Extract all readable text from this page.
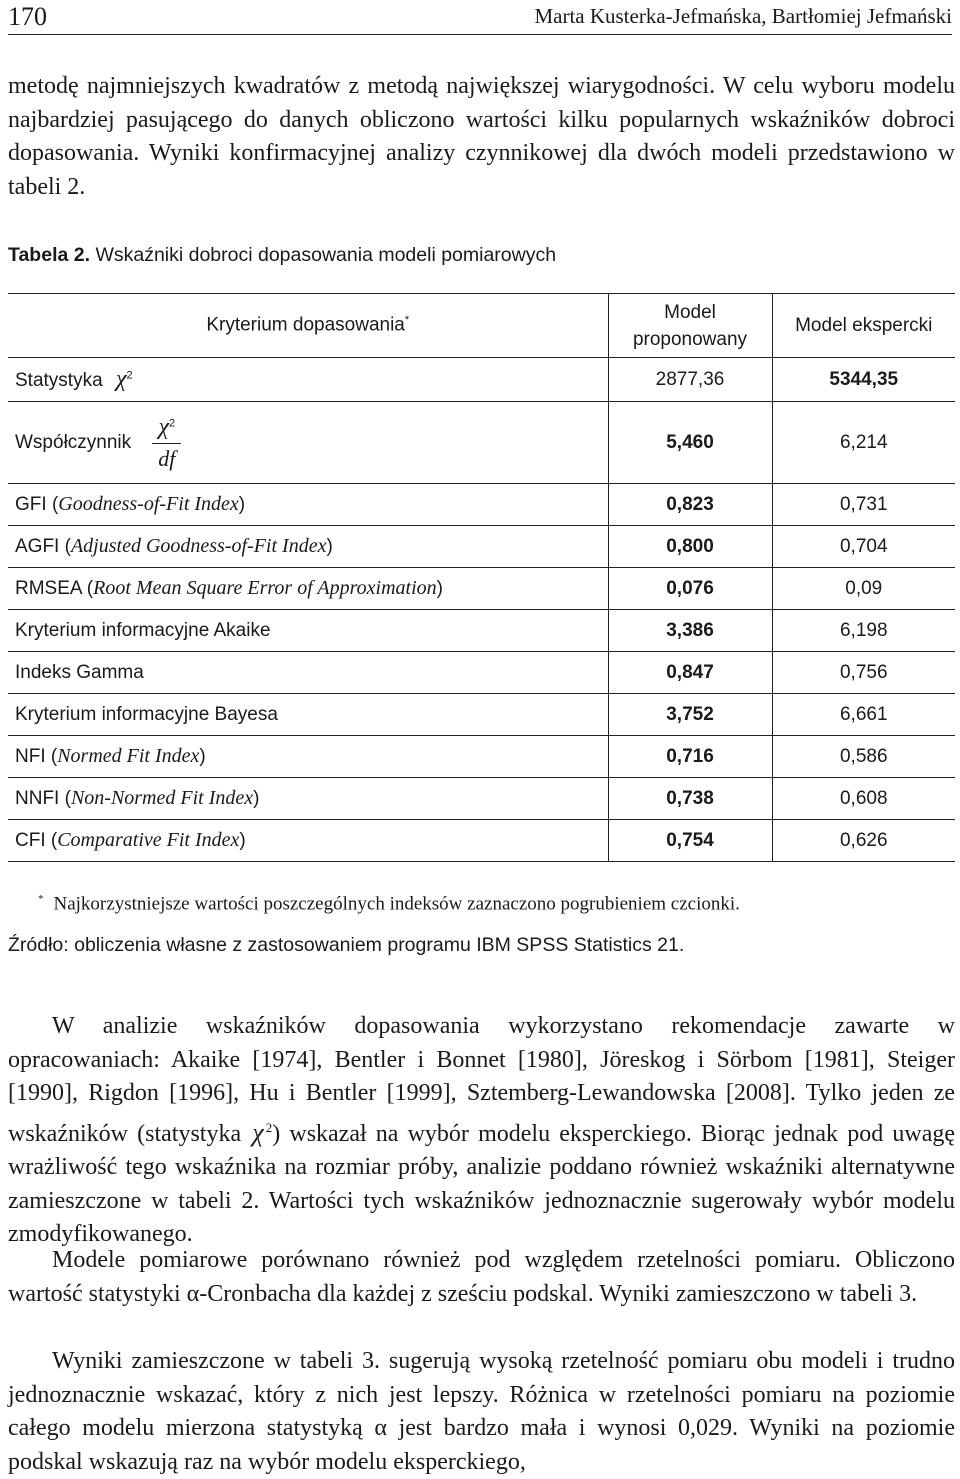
170	Marta Kusterka-Jefmańska, Bartłomiej Jefmański

metodę najmniejszych kwadratów z metodą największej wiarygodności. W celu wyboru modelu najbardziej pasującego do danych obliczono wartości kilku popularnych wskaźników dobroci dopasowania. Wyniki konfirmacyjnej analizy czynnikowej dla dwóch modeli przedstawiono w tabeli 2.

Tabela 2. Wskaźniki dobroci dopasowania modeli pomiarowych
Kryterium dopasowania*	Model proponowany	Model ekspercki
Statystyka $\chi^2$	2877,36	5344,35
Współczynnik $\frac{\chi^2}{df}$	5,460	6,214
GFI (Goodness-of-Fit Index)	0,823	0,731
AGFI (Adjusted Goodness-of-Fit Index)	0,800	0,704
RMSEA (Root Mean Square Error of Approximation)	0,076	0,09
Kryterium informacyjne Akaike	3,386	6,198
Indeks Gamma	0,847	0,756
Kryterium informacyjne Bayesa	3,752	6,661
NFI (Normed Fit Index)	0,716	0,586
NNFI (Non-Normed Fit Index)	0,738	0,608
CFI (Comparative Fit Index)	0,754	0,626
* Najkorzystniejsze wartości poszczególnych indeksów zaznaczono pogrubieniem czcionki.
Źródło: obliczenia własne z zastosowaniem programu IBM SPSS Statistics 21.

W analizie wskaźników dopasowania wykorzystano rekomendacje zawarte w opracowaniach: Akaike [1974], Bentler i Bonnet [1980], Jöreskog i Sörbom [1981], Steiger [1990], Rigdon [1996], Hu i Bentler [1999], Sztemberg-Lewandowska [2008]. Tylko jeden ze wskaźników (statystyka χ $^2$) wskazał na wybór modelu eksperckiego. Biorąc jednak pod uwagę wrażliwość tego wskaźnika na rozmiar próby, analizie poddano również wskaźniki alternatywne zamieszczone w tabeli 2. Wartości tych wskaźników jednoznacznie sugerowały wybór modelu zmodyfikowanego.

Modele pomiarowe porównano również pod względem rzetelności pomiaru. Obliczono wartość statystyki α-Cronbacha dla każdej z sześciu podskal. Wyniki zamieszczono w tabeli 3.

Wyniki zamieszczone w tabeli 3. sugerują wysoką rzetelność pomiaru obu modeli i trudno jednoznacznie wskazać, który z nich jest lepszy. Różnica w rzetelności pomiaru na poziomie całego modelu mierzona statystyką α jest bardzo mała i wynosi 0,029. Wyniki na poziomie podskal wskazują raz na wybór modelu eksperckiego,
